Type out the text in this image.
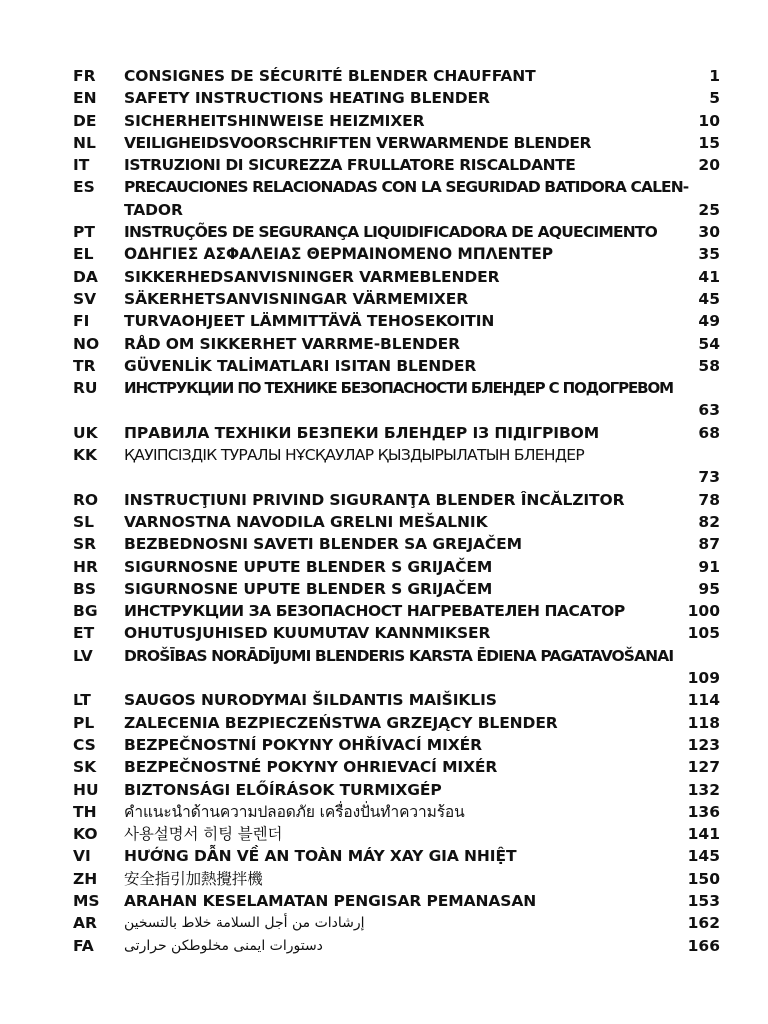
FR	CONSIGNES DE SÉCURITÉ BLENDER CHAUFFANT	1
EN	SAFETY INSTRUCTIONS HEATING BLENDER	5
DE	SICHERHEITSHINWEISE HEIZMIXER	10
NL	VEILIGHEIDSVOORSCHRIFTEN VERWARMENDE BLENDER	15
IT	ISTRUZIONI DI SICUREZZA FRULLATORE RISCALDANTE	20
ES	PRECAUCIONES RELACIONADAS CON LA SEGURIDAD BATIDORA CALEN-
TADOR	25
PT	INSTRUÇÕES DE SEGURANÇA LIQUIDIFICADORA DE AQUECIMENTO	30
EL	ΟΔΗΓΙΕΣ ΑΣΦΑΛΕΙΑΣ ΘΕΡΜΑΙΝΟΜΕΝΟ ΜΠΛΕΝΤΕΡ	35
DA	SIKKERHEDSANVISNINGER VARMEBLENDER	41
SV	SÄKERHETSANVISNINGAR VÄRMEMIXER	45
FI	TURVAOHJEET LÄMMITTÄVÄ TEHOSEKOITIN	49
NO	RÅD OM SIKKERHET VARRME-BLENDER	54
TR	GÜVENLİK TALİMATLARI ISITAN BLENDER	58
RU	ИНСТРУКЦИИ ПО ТЕХНИКЕ БЕЗОПАСНОСТИ БЛЕНДЕР С ПОДОГРЕВОМ
63
UK	ПРАВИЛА ТЕХНІКИ БЕЗПЕКИ БЛЕНДЕР ІЗ ПІДІГРІВОМ	68
KK	ҚАУІПСІЗДІК ТУРАЛЫ НҰСҚАУЛАР ҚЫЗДЫРЫЛАТЫН БЛЕНДЕР
73
RO	INSTRUCŢIUNI PRIVIND SIGURANŢA BLENDER ÎNCĂLZITOR	78
SL	VARNOSTNA NAVODILA GRELNI MEŠALNIK	82
SR	BEZBEDNOSNI SAVETI BLENDER SA GREJAČEM	87
HR	SIGURNOSNE UPUTE BLENDER S GRIJAČEM	91
BS	SIGURNOSNE UPUTE BLENDER S GRIJAČEM	95
BG	ИНСТРУКЦИИ ЗА БЕЗОПАСНОСТ НАГРЕВАТЕЛЕН ПАСАТОР	100
ET	OHUTUSJUHISED KUUMUTAV KANNMIKSER	105
LV	DROŠĪBAS NORĀDĪJUMI BLENDERIS KARSTA ĒDIENA PAGATAVOŠANAI
109
LT	SAUGOS NURODYMAI ŠILDANTIS MAIŠIKLIS	114
PL	ZALECENIA BEZPIECZEŃSTWA GRZEJĄCY BLENDER	118
CS	BEZPEČNOSTNÍ POKYNY OHŘÍVACÍ MIXÉR	123
SK	BEZPEČNOSTNÉ POKYNY OHRIEVACÍ MIXÉR	127
HU	BIZTONSÁGI ELŐÍRÁSOK TURMIXGÉP	132
TH	คำแนะนำด้านความปลอดภัย เครื่องปั่นทำความร้อน	136
KO	사용설명서 히팅 블렌더	141
VI	HƯỚNG DẪN VỀ AN TOÀN MÁY XAY GIA NHIỆT	145
ZH	安全指引加熱攪拌機	150
MS	ARAHAN KESELAMATAN PENGISAR PEMANASAN	153
AR	إرشادات من أجل السلامة خلاط بالتسخين	162
FA	دستورات ایمنی مخلوطکن حرارتی	166
